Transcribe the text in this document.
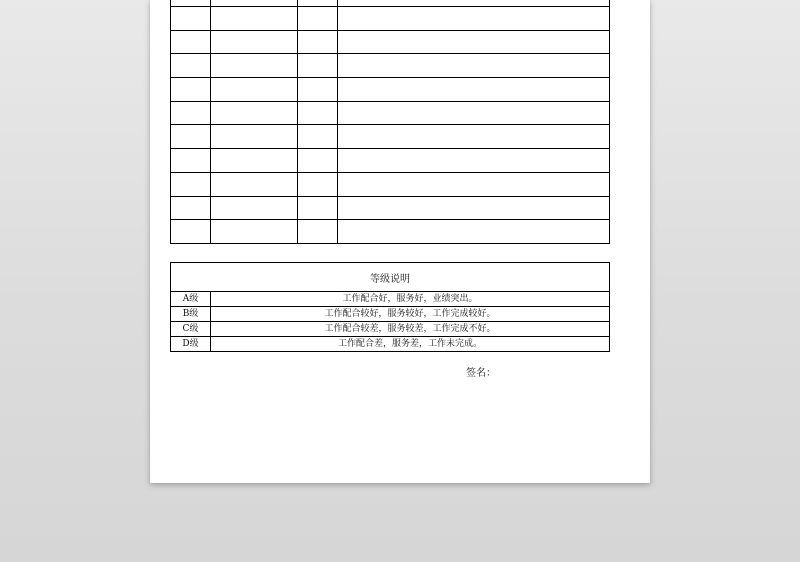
等级说明	
A级	工作配合好，服务好，业绩突出。
B级	工作配合较好，服务较好，工作完成较好。
C级	工作配合较差，服务较差，工作完成不好。
D级	工作配合差，服务差，工作未完成。
签名：
